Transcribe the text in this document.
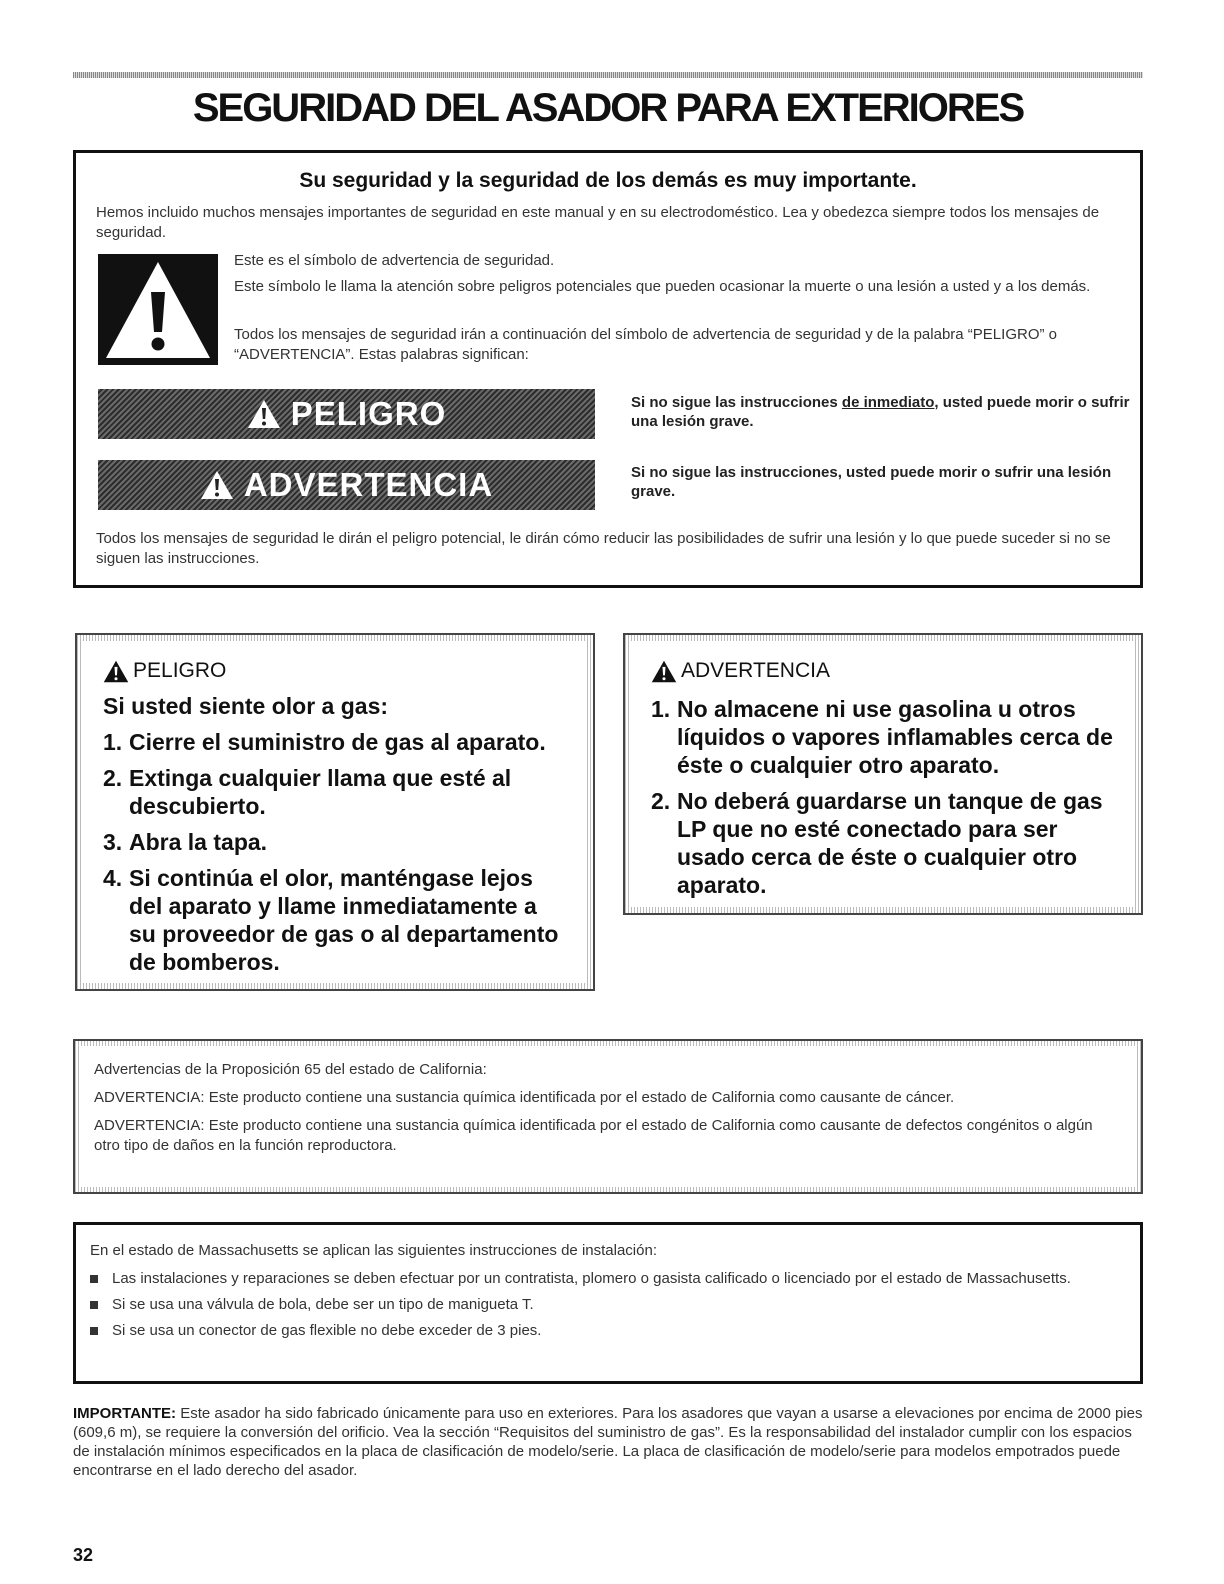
SEGURIDAD DEL ASADOR PARA EXTERIORES
Su seguridad y la seguridad de los demás es muy importante.

Hemos incluido muchos mensajes importantes de seguridad en este manual y en su electrodoméstico. Lea y obedezca siempre todos los mensajes de seguridad.

Este es el símbolo de advertencia de seguridad.

Este símbolo le llama la atención sobre peligros potenciales que pueden ocasionar la muerte o una lesión a usted y a los demás.

Todos los mensajes de seguridad irán a continuación del símbolo de advertencia de seguridad y de la palabra “PELIGRO” o “ADVERTENCIA”. Estas palabras significan:

PELIGRO	Si no sigue las instrucciones de inmediato, usted puede morir o sufrir una lesión grave.

ADVERTENCIA	Si no sigue las instrucciones, usted puede morir o sufrir una lesión grave.

Todos los mensajes de seguridad le dirán el peligro potencial, le dirán cómo reducir las posibilidades de sufrir una lesión y lo que puede suceder si no se siguen las instrucciones.

PELIGRO
Si usted siente olor a gas:
1. Cierre el suministro de gas al aparato.
2. Extinga cualquier llama que esté al descubierto.
3. Abra la tapa.
4. Si continúa el olor, manténgase lejos del aparato y llame inmediatamente a su proveedor de gas o al departamento de bomberos.
ADVERTENCIA
1. No almacene ni use gasolina u otros líquidos o vapores inflamables cerca de éste o cualquier otro aparato.
2. No deberá guardarse un tanque de gas LP que no esté conectado para ser usado cerca de éste o cualquier otro aparato.

Advertencias de la Proposición 65 del estado de California:

ADVERTENCIA: Este producto contiene una sustancia química identificada por el estado de California como causante de cáncer.

ADVERTENCIA: Este producto contiene una sustancia química identificada por el estado de California como causante de defectos congénitos o algún otro tipo de daños en la función reproductora.

En el estado de Massachusetts se aplican las siguientes instrucciones de instalación:

Las instalaciones y reparaciones se deben efectuar por un contratista, plomero o gasista calificado o licenciado por el estado de Massachusetts.
Si se usa una válvula de bola, debe ser un tipo de manigueta T.
Si se usa un conector de gas flexible no debe exceder de 3 pies.

IMPORTANTE: Este asador ha sido fabricado únicamente para uso en exteriores. Para los asadores que vayan a usarse a elevaciones por encima de 2000 pies (609,6 m), se requiere la conversión del orificio. Vea la sección “Requisitos del suministro de gas”. Es la responsabilidad del instalador cumplir con los espacios de instalación mínimos especificados en la placa de clasificación de modelo/serie. La placa de clasificación de modelo/serie para modelos empotrados puede encontrarse en el lado derecho del asador.

32
